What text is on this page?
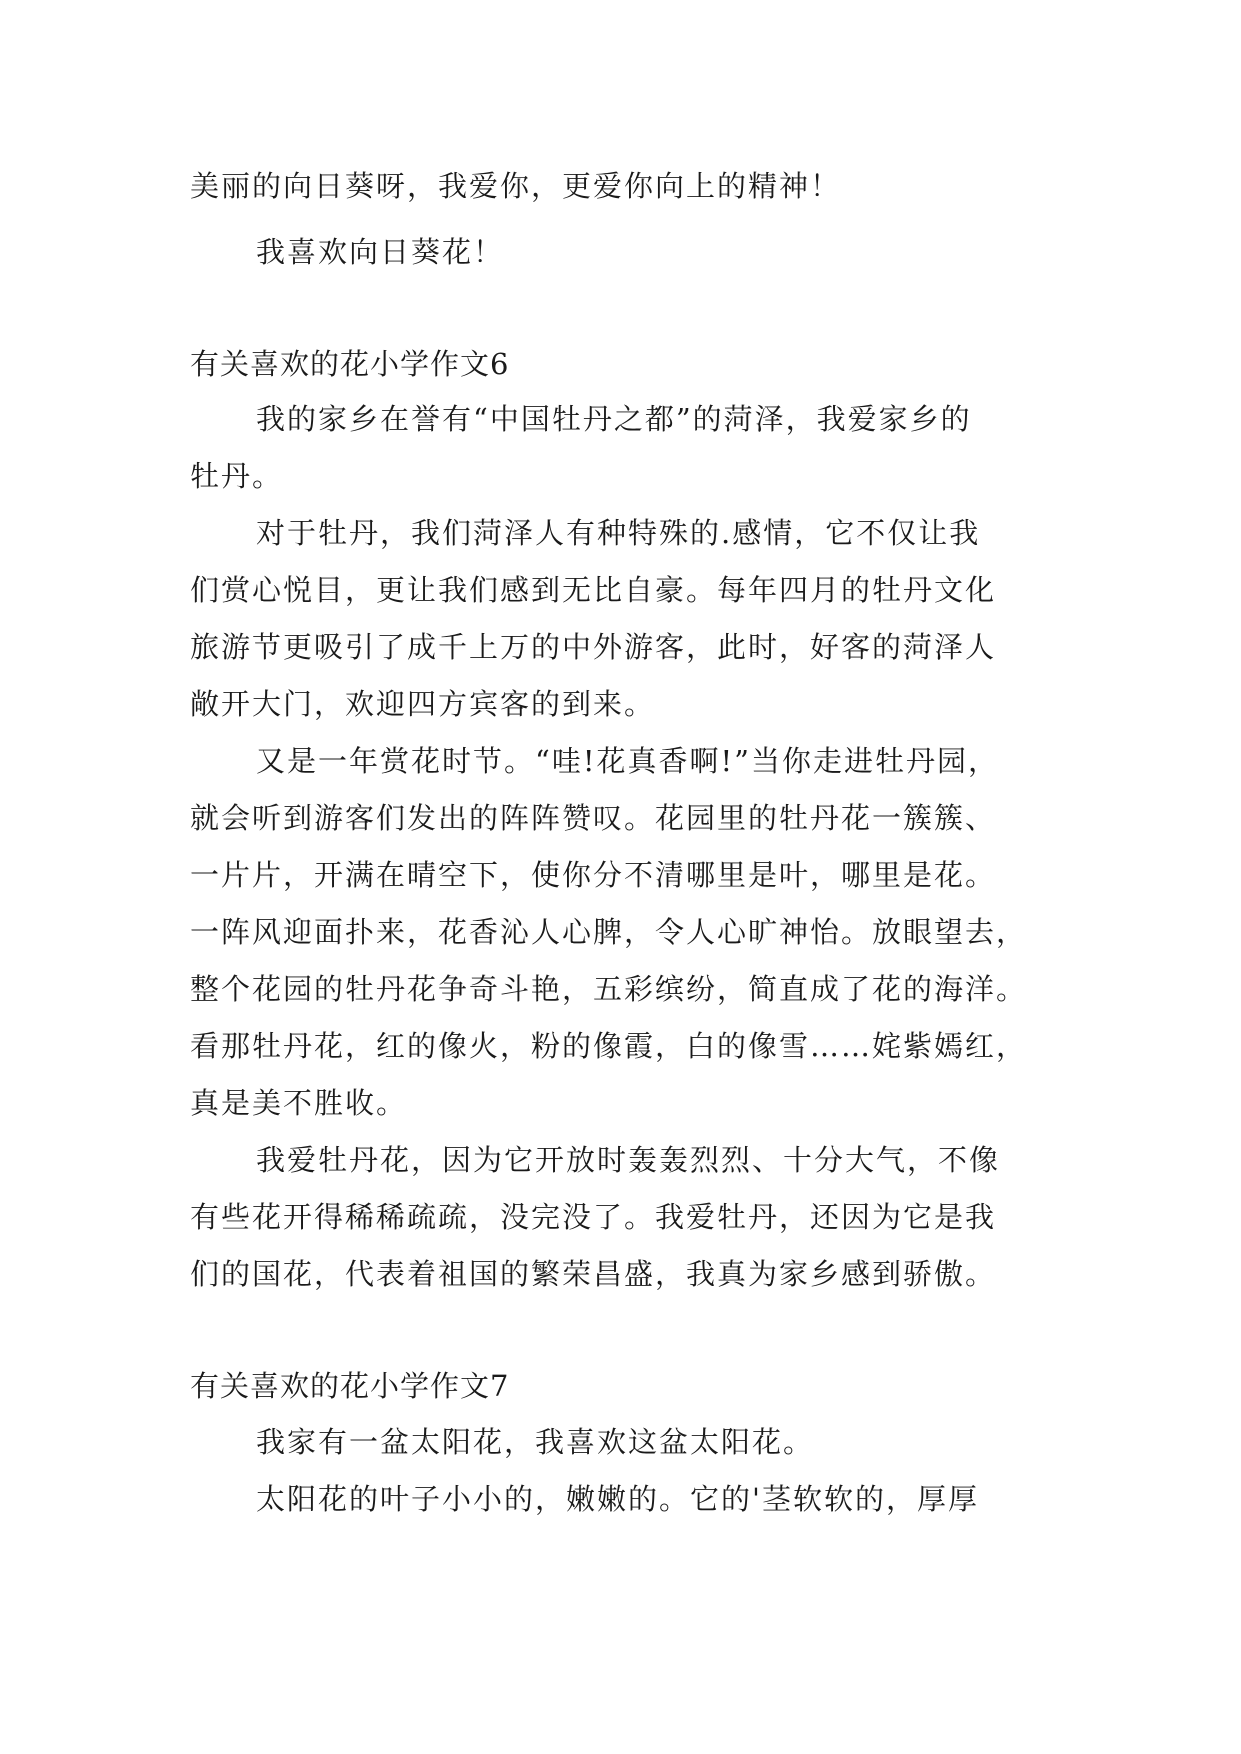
美丽的向日葵呀，我爱你，更爱你向上的精神！
我喜欢向日葵花！
有关喜欢的花小学作文6
我的家乡在誉有“中国牡丹之都”的菏泽，我爱家乡的
牡丹。
对于牡丹，我们菏泽人有种特殊的.感情，它不仅让我
们赏心悦目，更让我们感到无比自豪。每年四月的牡丹文化
旅游节更吸引了成千上万的中外游客，此时，好客的菏泽人
敞开大门，欢迎四方宾客的到来。
又是一年赏花时节。“哇!花真香啊!”当你走进牡丹园，
就会听到游客们发出的阵阵赞叹。花园里的牡丹花一簇簇、
一片片，开满在晴空下，使你分不清哪里是叶，哪里是花。
一阵风迎面扑来，花香沁人心脾，令人心旷神怡。放眼望去，
整个花园的牡丹花争奇斗艳，五彩缤纷，简直成了花的海洋。
看那牡丹花，红的像火，粉的像霞，白的像雪……姹紫嫣红，
真是美不胜收。
我爱牡丹花，因为它开放时轰轰烈烈、十分大气，不像
有些花开得稀稀疏疏，没完没了。我爱牡丹，还因为它是我
们的国花，代表着祖国的繁荣昌盛，我真为家乡感到骄傲。
有关喜欢的花小学作文7
我家有一盆太阳花，我喜欢这盆太阳花。
太阳花的叶子小小的，嫩嫩的。它的'茎软软的，厚厚
